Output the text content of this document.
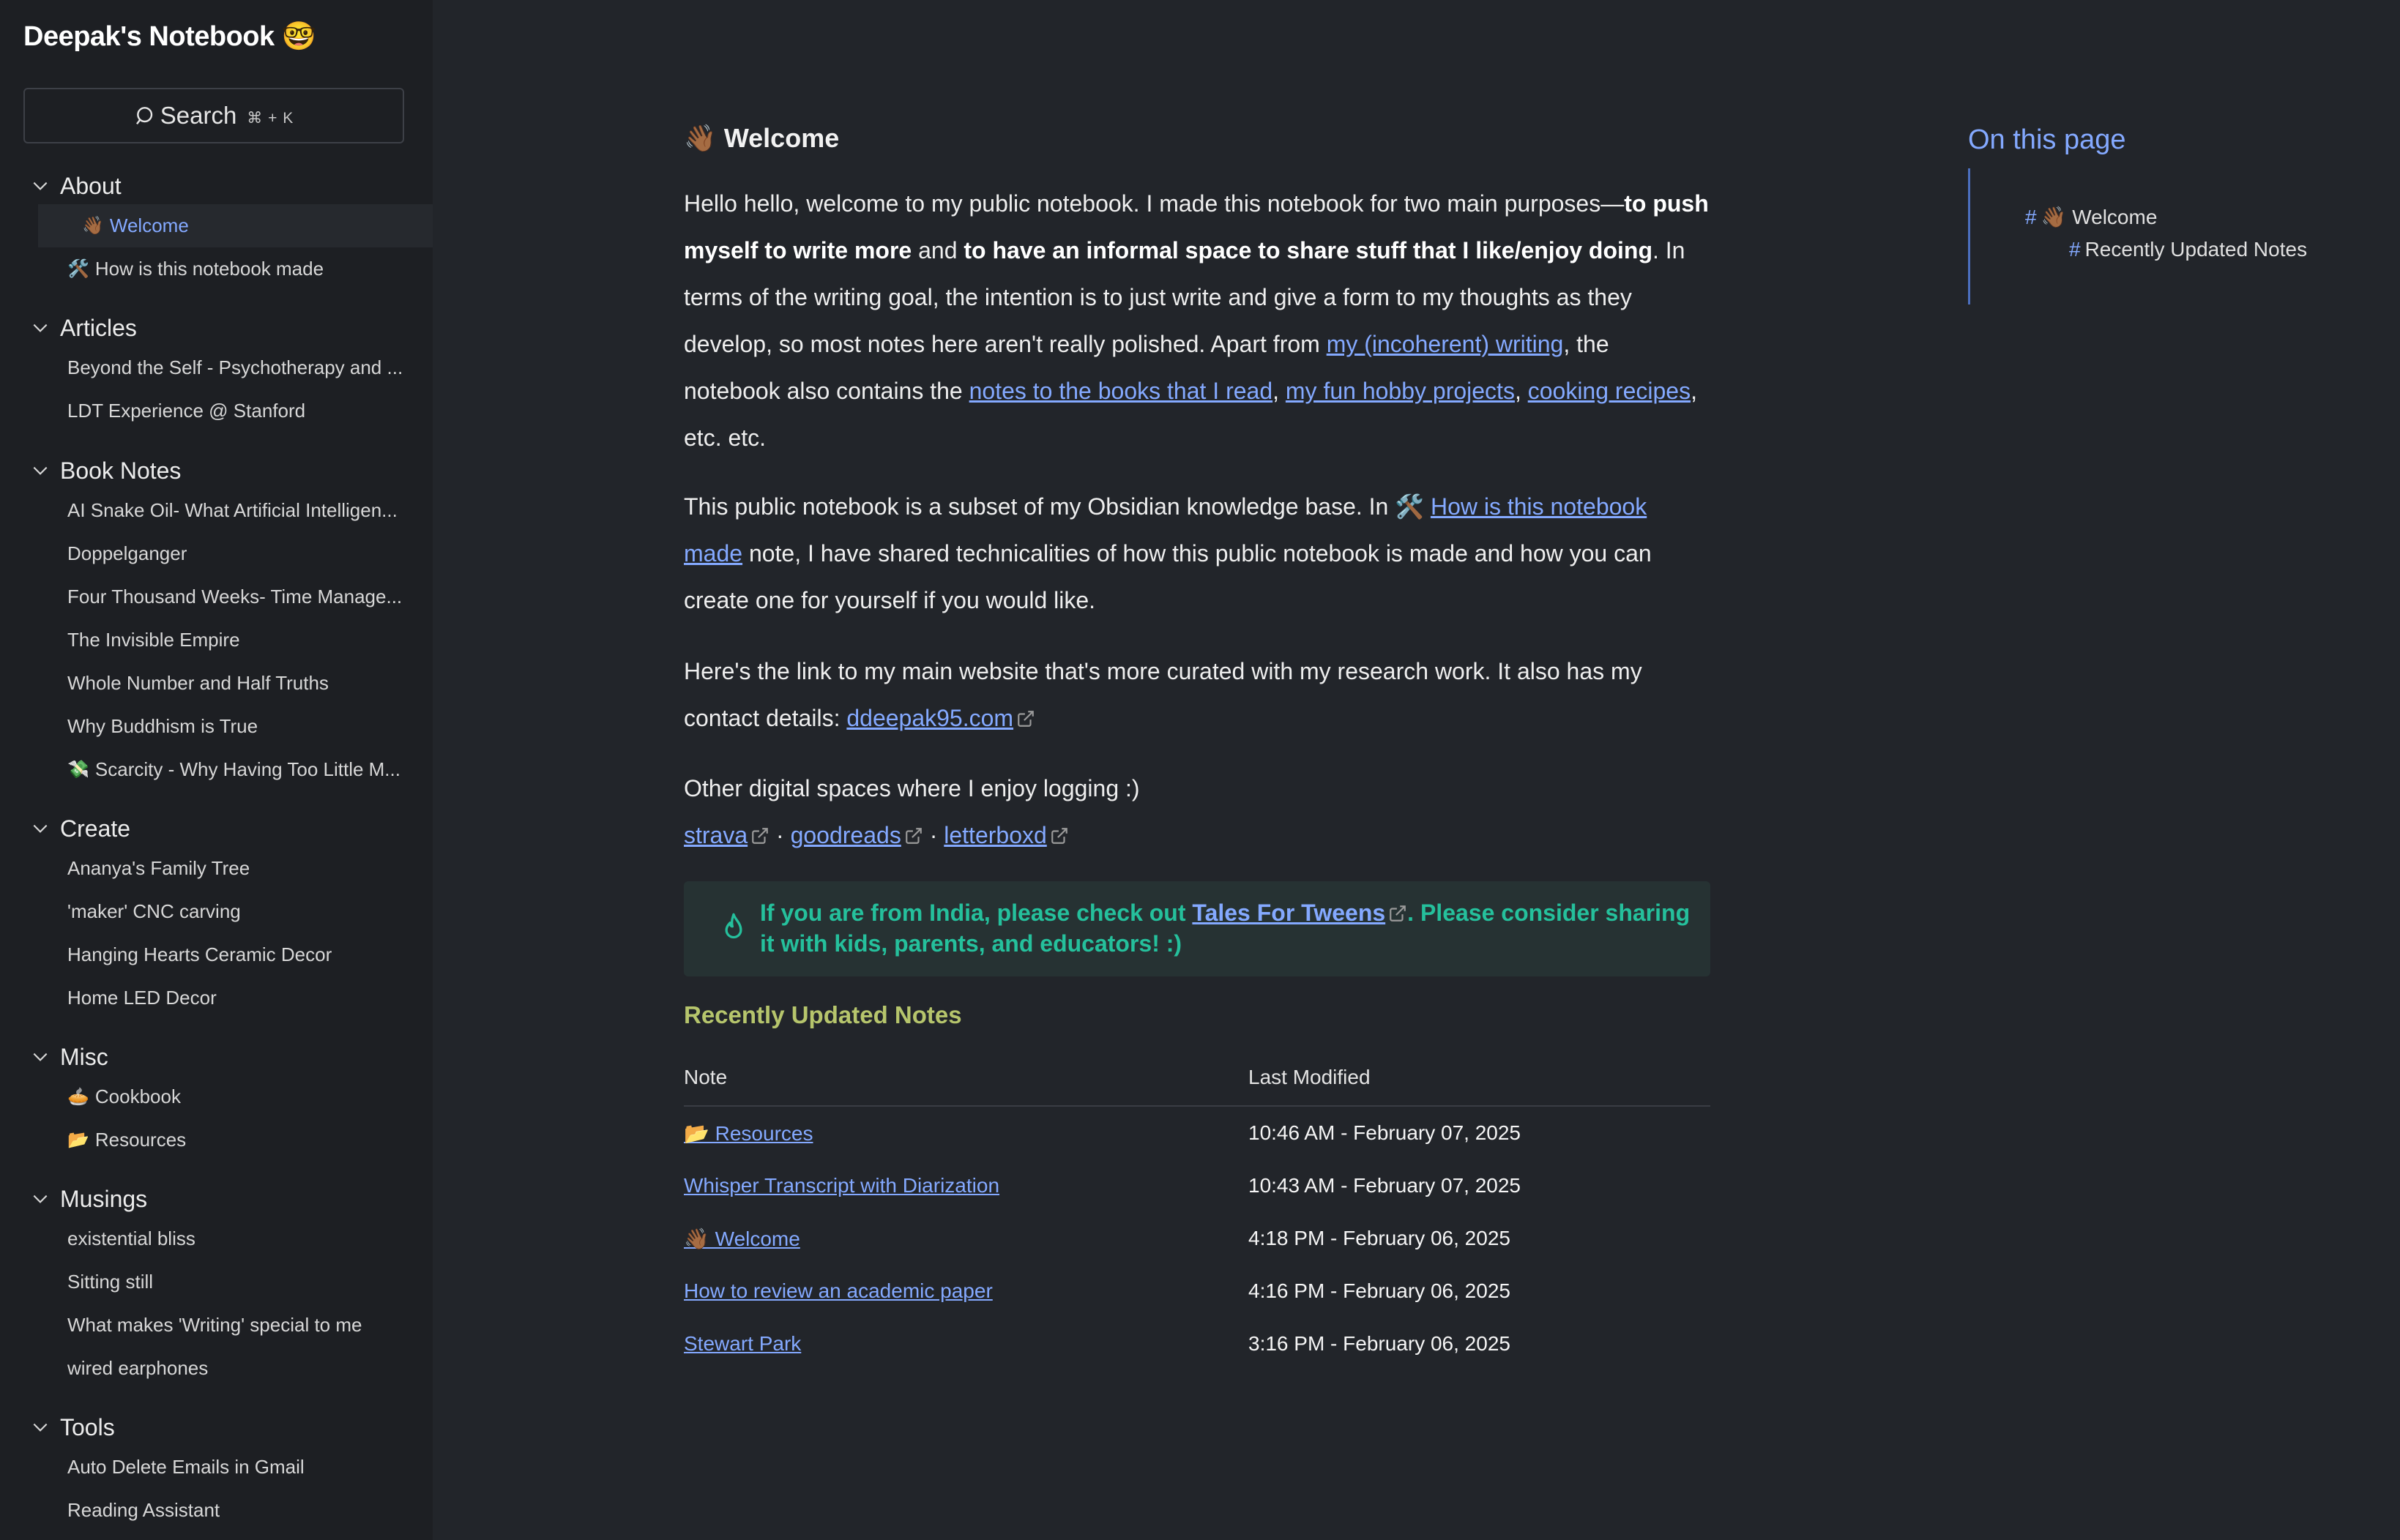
Deepak's Notebook 🤓
Search ⌘ + K
About
👋🏾 Welcome
🛠️ How is this notebook made
Articles
Beyond the Self - Psychotherapy and ...
LDT Experience @ Stanford
Book Notes
AI Snake Oil- What Artificial Intelligen...
Doppelganger
Four Thousand Weeks- Time Manage...
The Invisible Empire
Whole Number and Half Truths
Why Buddhism is True
💸 Scarcity - Why Having Too Little M...
Create
Ananya's Family Tree
'maker' CNC carving
Hanging Hearts Ceramic Decor
Home LED Decor
Misc
🥧 Cookbook
📂 Resources
Musings
existential bliss
Sitting still
What makes 'Writing' special to me
wired earphones
Tools
Auto Delete Emails in Gmail
Reading Assistant
👋🏾 Welcome

Hello hello, welcome to my public notebook. I made this notebook for two main purposes—to push myself to write more and to have an informal space to share stuff that I like/enjoy doing. In terms of the writing goal, the intention is to just write and give a form to my thoughts as they develop, so most notes here aren't really polished. Apart from my (incoherent) writing, the notebook also contains the notes to the books that I read, my fun hobby projects, cooking recipes, etc. etc.

This public notebook is a subset of my Obsidian knowledge base. In 🛠️ How is this notebook made note, I have shared technicalities of how this public notebook is made and how you can create one for yourself if you would like.

Here's the link to my main website that's more curated with my research work. It also has my contact details: ddeepak95.com

Other digital spaces where I enjoy logging :)
strava · goodreads · letterboxd

If you are from India, please check out Tales For Tweens . Please consider sharing it with kids, parents, and educators! :)
Recently Updated Notes
Note	Last Modified
📂 Resources	10:46 AM - February 07, 2025
Whisper Transcript with Diarization	10:43 AM - February 07, 2025
👋🏾 Welcome	4:18 PM - February 06, 2025
How to review an academic paper	4:16 PM - February 06, 2025
Stewart Park	3:16 PM - February 06, 2025
On this page
# 👋🏾 Welcome
# Recently Updated Notes
